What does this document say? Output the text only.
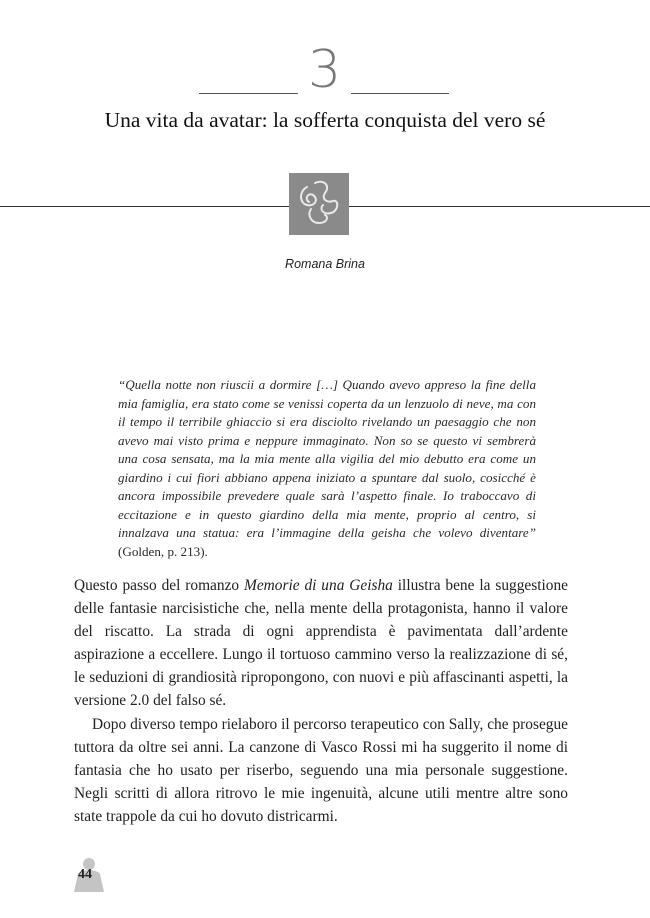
3
Una vita da avatar: la sofferta conquista del vero sé
Romana Brina
“Quella notte non riuscii a dormire […] Quando avevo appreso la fine della mia famiglia, era stato come se venissi coperta da un lenzuolo di neve, ma con il tempo il terribile ghiaccio si era disciolto rivelando un paesaggio che non avevo mai visto prima e neppure immaginato. Non so se questo vi sembrerà una cosa sensata, ma la mia mente alla vigilia del mio debutto era come un giardino i cui fiori abbiano appena iniziato a spuntare dal suolo, cosicché è ancora impossibile prevedere quale sarà l’aspetto finale. Io traboccavo di eccitazione e in questo giardino della mia mente, proprio al centro, si innalzava una statua: era l’immagine della geisha che volevo diventare” (Golden, p. 213).

Questo passo del romanzo Memorie di una Geisha illustra bene la suggestione delle fantasie narcisistiche che, nella mente della protagonista, hanno il valore del riscatto. La strada di ogni apprendista è pavimentata dall’ardente aspirazione a eccellere. Lungo il tortuoso cammino verso la realizzazione di sé, le seduzioni di grandiosità ripropongono, con nuovi e più affascinanti aspetti, la versione 2.0 del falso sé.

Dopo diverso tempo rielaboro il percorso terapeutico con Sally, che prosegue tuttora da oltre sei anni. La canzone di Vasco Rossi mi ha suggerito il nome di fantasia che ho usato per riserbo, seguendo una mia personale suggestione. Negli scritti di allora ritrovo le mie ingenuità, alcune utili mentre altre sono state trappole da cui ho dovuto districarmi.

44
